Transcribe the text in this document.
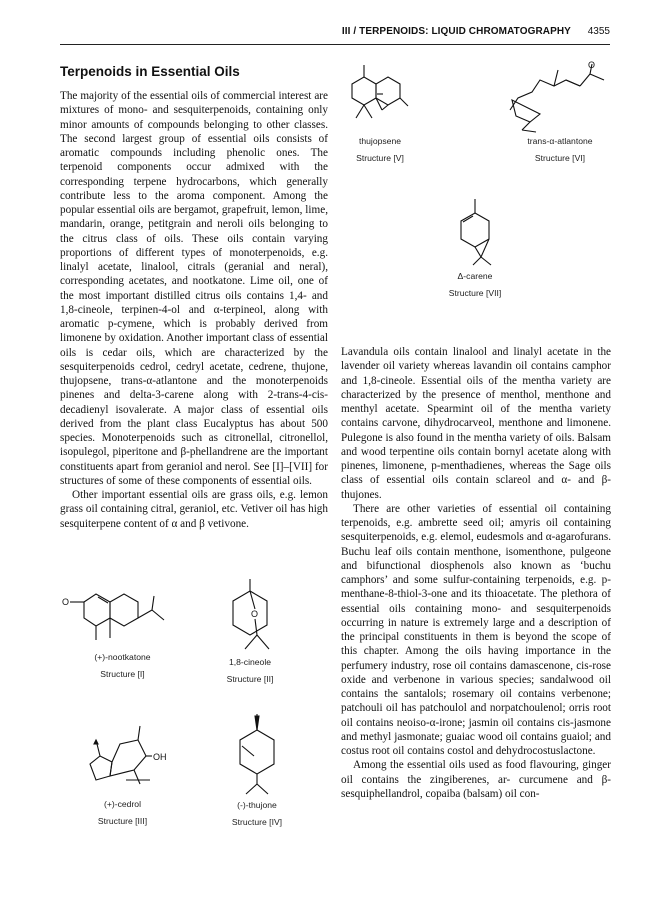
III / TERPENOIDS: LIQUID CHROMATOGRAPHY 4355
Terpenoids in Essential Oils

The majority of the essential oils of commercial interest are mixtures of mono- and sesquiterpenoids, containing only minor amounts of compounds belonging to other classes. The second largest group of essential oils consists of aromatic compounds including phenolic ones. The terpenoid components occur admixed with the corresponding terpene hydrocarbons, which generally contribute less to the aroma component. Among the popular essential oils are bergamot, grapefruit, lemon, lime, mandarin, orange, petitgrain and neroli oils belonging to the citrus class of oils. These oils contain varying proportions of different types of monoterpenoids, e.g. linalyl acetate, linalool, citrals (geranial and neral), corresponding acetates, and nootkatone. Lime oil, one of the most important distilled citrus oils contains 1,4- and 1,8-cineole, terpinen-4-ol and α-terpineol, along with aromatic p-cymene, which is probably derived from limonene by oxidation. Another important class of essential oils is cedar oils, which are characterized by the sesquiterpenoids cedrol, cedryl acetate, cedrene, thujone, thujopsene, trans-α-atlantone and the monoterpenoids pinenes and delta-3-carene along with 2-trans-4-cis-decadienyl isovalerate. A major class of essential oils derived from the plant class Eucalyptus has about 500 species. Monoterpenoids such as citronellal, citronellol, isopulegol, piperitone and β-phellandrene are the important constituents apart from geraniol and nerol. See [I]–[VII] for structures of some of these components of essential oils.

Other important essential oils are grass oils, e.g. lemon grass oil containing citral, geraniol, etc. Vetiver oil has high sesquiterpene content of α and β vetivone.

Lavandula oils contain linalool and linalyl acetate in the lavender oil variety whereas lavandin oil contains camphor and 1,8-cineole. Essential oils of the mentha variety are characterized by the presence of menthol, menthone and menthyl acetate. Spearmint oil of the mentha variety contains carvone, dihydrocarveol, menthone and limonene. Pulegone is also found in the mentha variety of oils. Balsam and wood terpentine oils contain bornyl acetate along with pinenes, limonene, p-menthadienes, whereas the Sage oils class of essential oils contain sclareol and α- and β-thujones.

There are other varieties of essential oil containing terpenoids, e.g. ambrette seed oil; amyris oil containing sesquiterpenoids, e.g. elemol, eudesmols and α-agarofurans. Buchu leaf oils contain menthone, isomenthone, pulgeone and bifunctional diosphenols also known as ‘buchu camphors’ and some sulfur-containing terpenoids, e.g. p-menthane-8-thiol-3-one and its thioacetate. The plethora of essential oils containing mono- and sesquiterpenoids occurring in nature is extremely large and a description of the principal constituents in them is beyond the scope of this chapter. Among the oils having importance in the perfumery industry, rose oil contains damascenone, cis-rose oxide and verbenone in various species; sandalwood oil contains the santalols; rosemary oil contains verbenone; patchouli oil has patchoulol and norpatchoulenol; orris root oil contains neoiso-α-irone; jasmin oil contains cis-jasmone and methyl jasmonate; guaiac wood oil contains guaiol; and costus root oil contains costol and dehydrocostuslactone.

Among the essential oils used as food flavouring, ginger oil contains the zingiberenes, ar- curcumene and β-sesquiphellandrol, copaiba (balsam) oil con-

thujopsene
Structure [V]
O
trans-α-atlantone
Structure [VI]
Δ-carene
Structure [VII]
O
(+)-nootkatone
Structure [I]
O
1,8-cineole
Structure [II]
OH
(+)-cedrol
Structure [III]
(-)-thujone
Structure [IV]
